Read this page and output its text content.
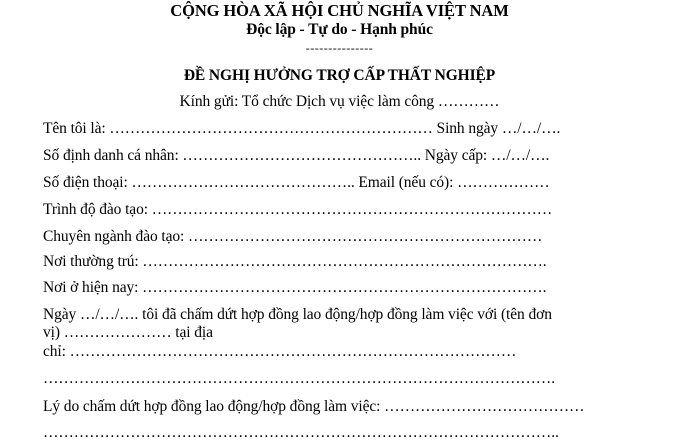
CỘNG HÒA XÃ HỘI CHỦ NGHĨA VIỆT NAM
Độc lập - Tự do - Hạnh phúc
---------------
ĐỀ NGHỊ HƯỞNG TRỢ CẤP THẤT NGHIỆP
Kính gửi: Tổ chức Dịch vụ việc làm công …………
Tên tôi là: ……………………………………………………… Sinh ngày …/…/….
Số định danh cá nhân: ……………………………………….. Ngày cấp: …/…/….
Số điện thoại: …………………………………….. Email (nếu có): ………………
Trình độ đào tạo: ……………………………………………………………………
Chuyên ngành đào tạo: ……………………………………………………………
Nơi thường trú: …………………………………………………………………….
Nơi ở hiện nay: …………………………………………………………………….
Ngày …/…/…. tôi đã chấm dứt hợp đồng lao động/hợp đồng làm việc với (tên đơn
vị) ………………… tại địa
chỉ: ……………………………………………………………………………
……………………………………………………………………………………….
Lý do chấm dứt hợp đồng lao động/hợp đồng làm việc: …………………………………
………………………………………………………………………………………..
